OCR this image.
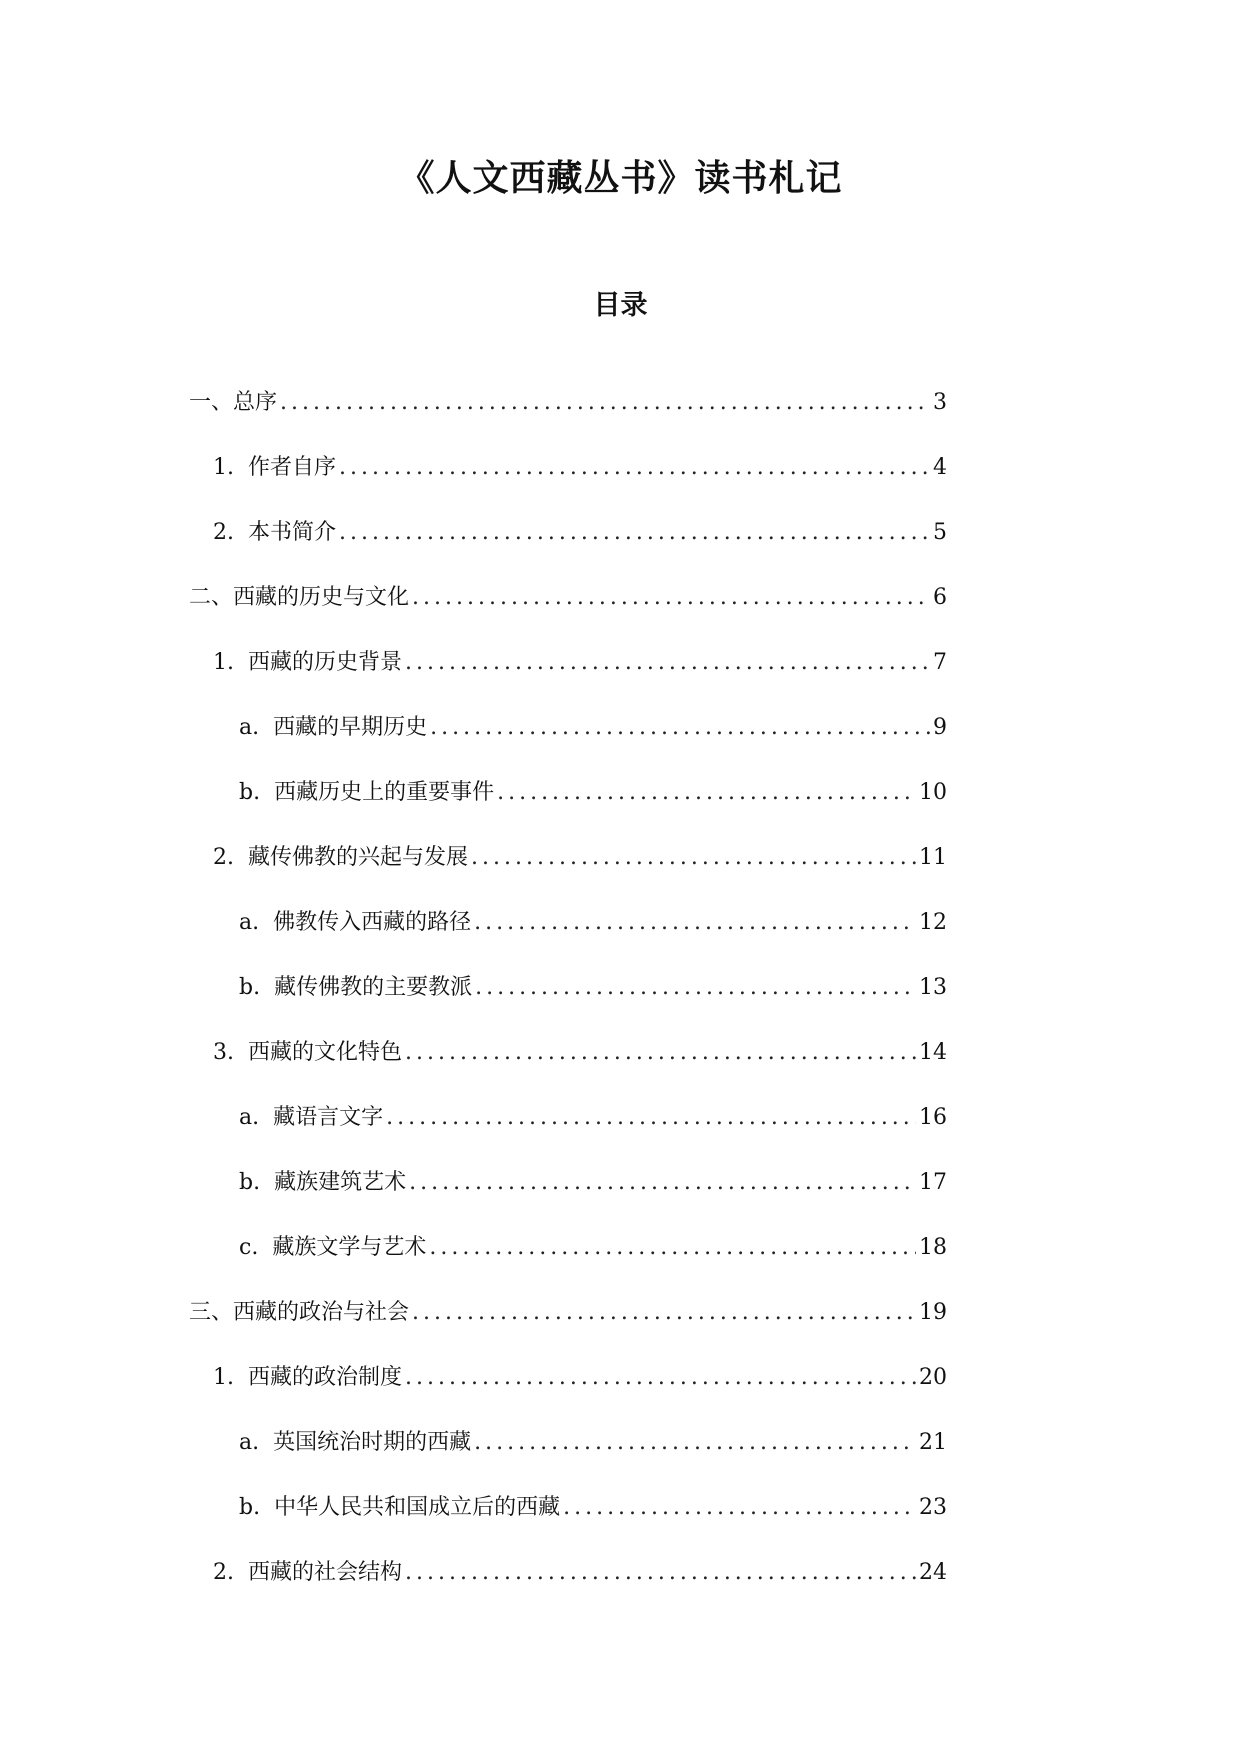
《人文西藏丛书》读书札记
目录
一、总序 .....	3
1. 作者自序 .....	4
2. 本书简介 .....	5
二、西藏的历史与文化 .....	6
1. 西藏的历史背景 .....	7
a. 西藏的早期历史 .....	9
b. 西藏历史上的重要事件 .....	10
2. 藏传佛教的兴起与发展 .....	11
a. 佛教传入西藏的路径 .....	12
b. 藏传佛教的主要教派 .....	13
3. 西藏的文化特色 .....	14
a. 藏语言文字 .....	16
b. 藏族建筑艺术 .....	17
c. 藏族文学与艺术 .....	18
三、西藏的政治与社会 .....	19
1. 西藏的政治制度 .....	20
a. 英国统治时期的西藏 .....	21
b. 中华人民共和国成立后的西藏 .....	23
2. 西藏的社会结构 .....	24
